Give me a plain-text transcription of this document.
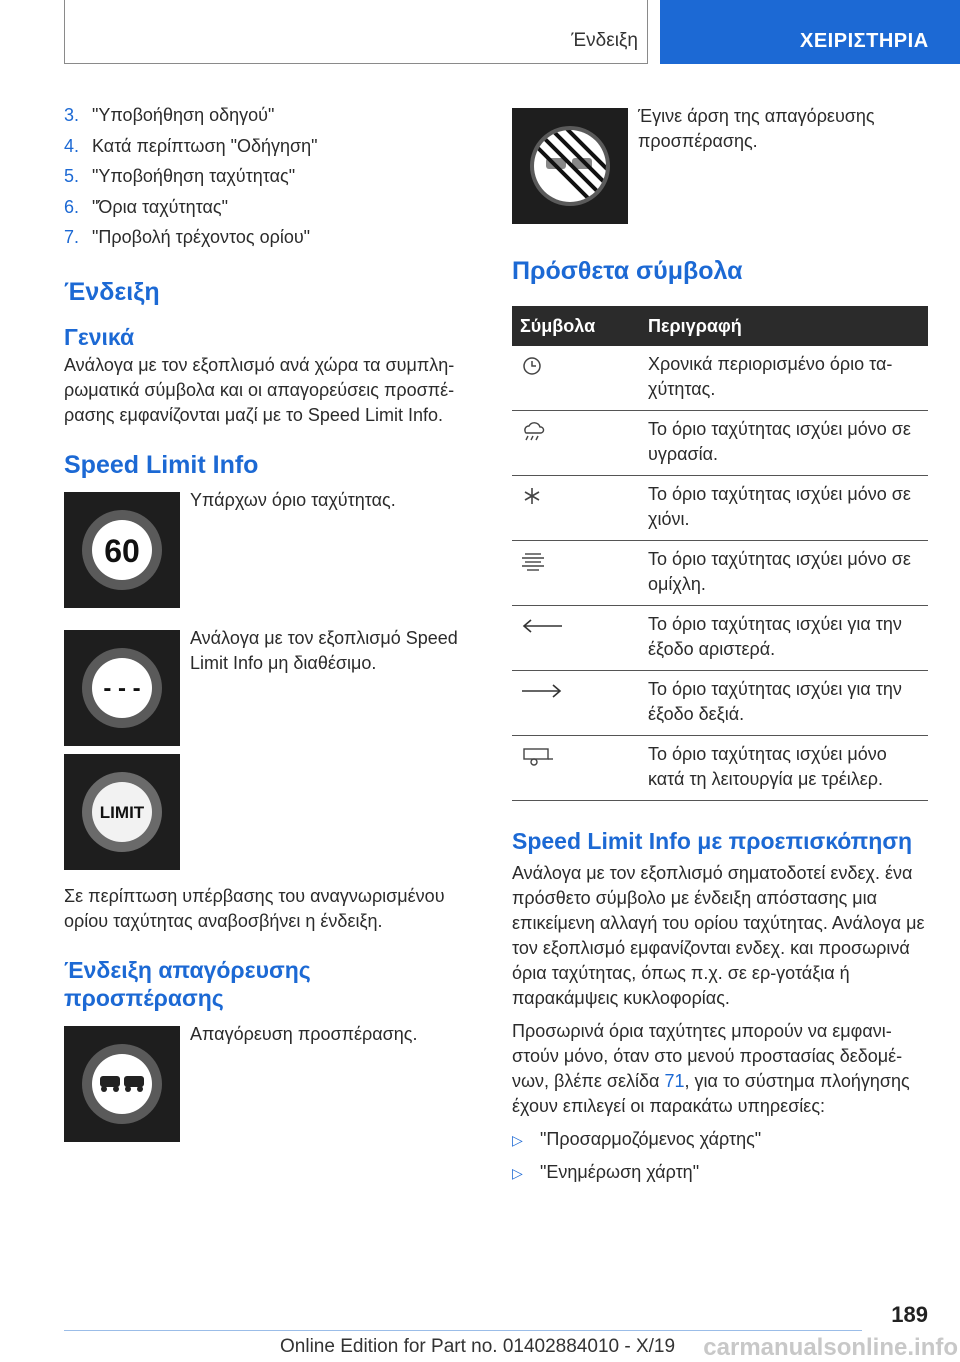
Ένδειξη	ΧΕΙΡΙΣΤΗΡΙΑ
3. "Υποβοήθηση οδηγού"
4. Κατά περίπτωση "Οδήγηση"
5. "Υποβοήθηση ταχύτητας"
6. "Όρια ταχύτητας"
7. "Προβολή τρέχοντος ορίου"
Ένδειξη
Γενικά

Ανάλογα με τον εξοπλισμό ανά χώρα τα συμπλη-ρωματικά σύμβολα και οι απαγορεύσεις προσπέ-ρασης εμφανίζονται μαζί με το Speed Limit Info.

Speed Limit Info
60
Υπάρχων όριο ταχύτητας.
- - -
Ανάλογα με τον εξοπλισμό Speed Limit Info μη διαθέσιμο.
LIMIT

Σε περίπτωση υπέρβασης του αναγνωρισμένου ορίου ταχύτητας αναβοσβήνει η ένδειξη.

Ένδειξη απαγόρευσης προσπέρασης
Απαγόρευση προσπέρασης.
Έγινε άρση της απαγόρευσης προσπέρασης.
Πρόσθετα σύμβολα
Σύμβολα	Περιγραφή
	Χρονικά περιορισμένο όριο τα-χύτητας.
	Το όριο ταχύτητας ισχύει μόνο σε υγρασία.
	Το όριο ταχύτητας ισχύει μόνο σε χιόνι.
	Το όριο ταχύτητας ισχύει μόνο σε ομίχλη.
	Το όριο ταχύτητας ισχύει για την έξοδο αριστερά.
	Το όριο ταχύτητας ισχύει για την έξοδο δεξιά.
	Το όριο ταχύτητας ισχύει μόνο κατά τη λειτουργία με τρέιλερ.
Speed Limit Info με προεπισκόπηση

Ανάλογα με τον εξοπλισμό σηματοδοτεί ενδεχ. ένα πρόσθετο σύμβολο με ένδειξη απόστασης μια επικείμενη αλλαγή του ορίου ταχύτητας. Ανάλογα με τον εξοπλισμό εμφανίζονται ενδεχ. και προσωρινά όρια ταχύτητας, όπως π.χ. σε ερ-γοτάξια ή παρακάμψεις κυκλοφορίας.

Προσωρινά όρια ταχύτητες μπορούν να εμφανι-στούν μόνο, όταν στο μενού προστασίας δεδομέ-νων, βλέπε σελίδα 71, για το σύστημα πλοήγησης έχουν επιλεγεί οι παρακάτω υπηρεσίες:

▷ "Προσαρμοζόμενος χάρτης"
▷ "Ενημέρωση χάρτη"
189
Online Edition for Part no. 01402884010 - X/19 carmanualsonline.info
